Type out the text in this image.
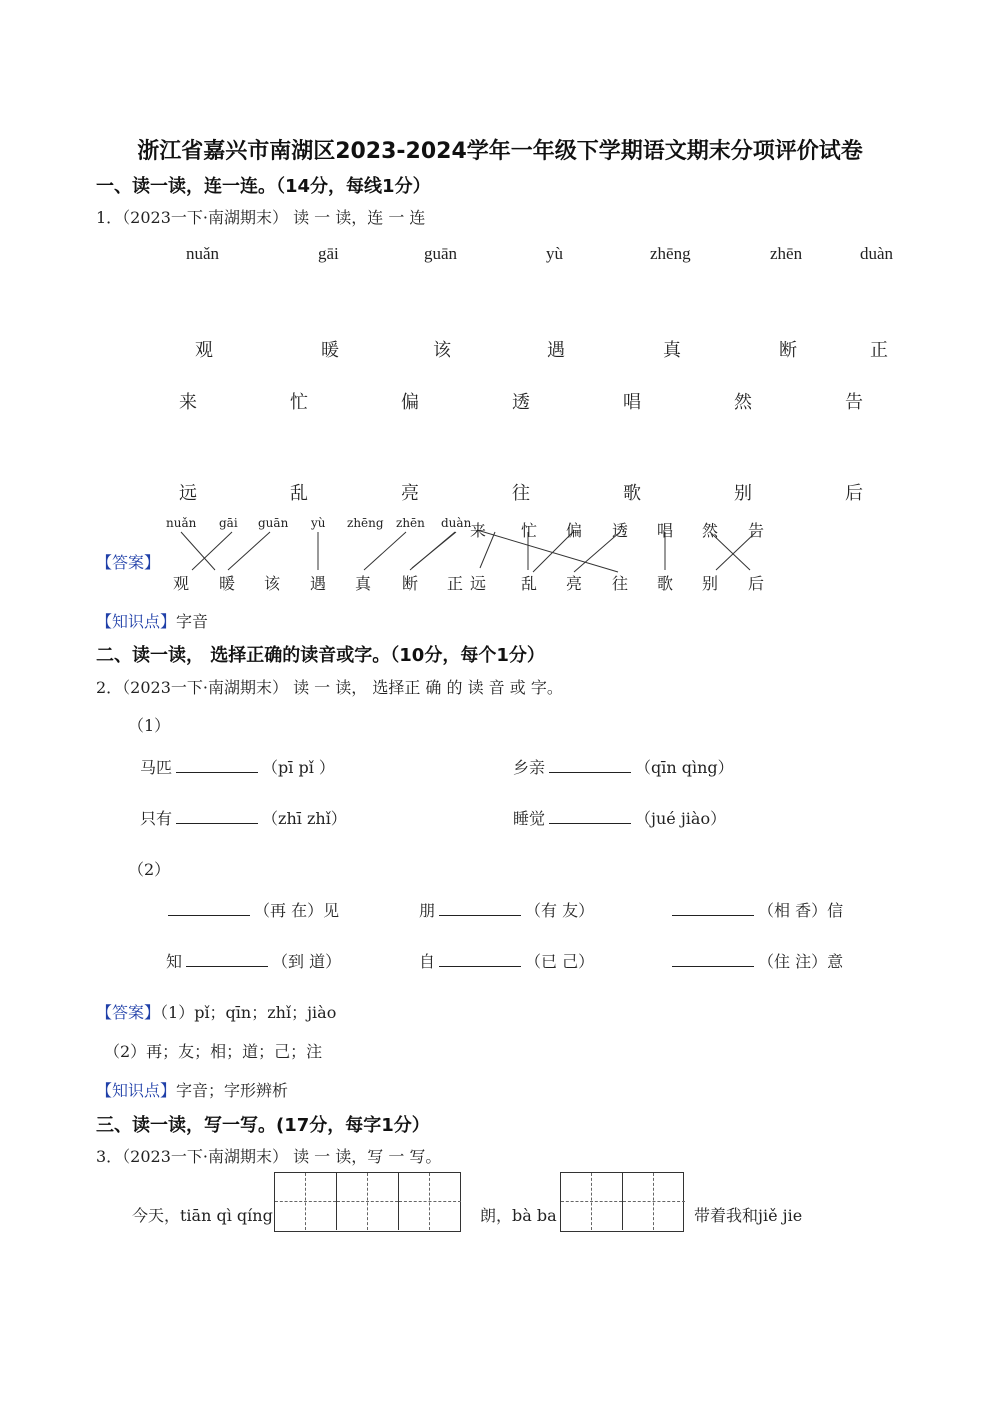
浙江省嘉兴市南湖区2023-2024学年一年级下学期语文期末分项评价试卷
一、读一读，连一连。（14分，每线1分）
1．（2023一下·南湖期末） 读 一 读，连 一 连
nuǎn	gāi	guān	yù	zhēng	zhēn	duàn
观	暖	该	遇	真	断	正
来	忙	偏	透	唱	然	告
远	乱	亮	往	歌	别	后
【答案】
nuǎn gāi guān yù zhēng zhēn duàn
来 忙 偏 透 唱 然 告
观 暖 该 遇 真 断 正 远 乱 亮 往 歌 别 后
【知识点】字音
二、读一读， 选择正确的读音或字。（10分，每个1分）
2．（2023一下·南湖期末） 读 一 读， 选择正 确 的 读 音 或 字。
（1）
马匹	（pī pǐ ）	乡亲	（qīn qìng）
只有	（zhī zhǐ）	睡觉	（jué jiào）
（2）
（再 在）见	朋	（有 友）	（相 香）信
知	（到 道）	自	（已 己）	（住 注）意
【答案】（1）pǐ；qīn；zhǐ；jiào
（2）再；友；相；道；己；注
【知识点】字音；字形辨析
三、读一读，写一写。(17分，每字1分）
3．（2023一下·南湖期末） 读 一 读，写 一 写。
今天，tiān qì qíng	朗，bà ba	带着我和jiě jie
